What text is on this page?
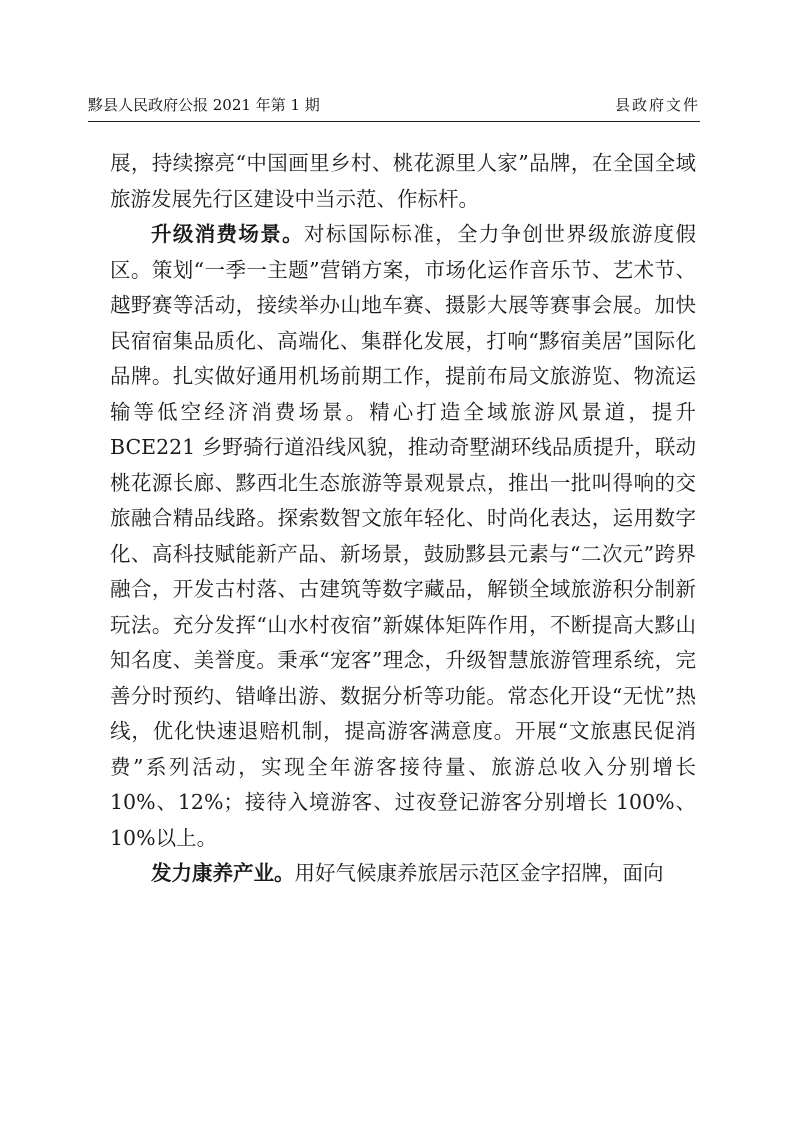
黟县人民政府公报 2021 年第 1 期	县政府文件

展，持续擦亮“中国画里乡村、桃花源里人家”品牌，在全国全域旅游发展先行区建设中当示范、作标杆。

升级消费场景。对标国际标准，全力争创世界级旅游度假区。策划“一季一主题”营销方案，市场化运作音乐节、艺术节、越野赛等活动，接续举办山地车赛、摄影大展等赛事会展。加快民宿宿集品质化、高端化、集群化发展，打响“黟宿美居”国际化品牌。扎实做好通用机场前期工作，提前布局文旅游览、物流运输等低空经济消费场景。精心打造全域旅游风景道，提升 BCE221 乡野骑行道沿线风貌，推动奇墅湖环线品质提升，联动桃花源长廊、黟西北生态旅游等景观景点，推出一批叫得响的交旅融合精品线路。探索数智文旅年轻化、时尚化表达，运用数字化、高科技赋能新产品、新场景，鼓励黟县元素与“二次元”跨界融合，开发古村落、古建筑等数字藏品，解锁全域旅游积分制新玩法。充分发挥“山水村夜宿”新媒体矩阵作用，不断提高大黟山知名度、美誉度。秉承“宠客”理念，升级智慧旅游管理系统，完善分时预约、错峰出游、数据分析等功能。常态化开设“无忧”热线，优化快速退赔机制，提高游客满意度。开展“文旅惠民促消费”系列活动，实现全年游客接待量、旅游总收入分别增长 10%、12%；接待入境游客、过夜登记游客分别增长 100%、10%以上。

发力康养产业。用好气候康养旅居示范区金字招牌，面向
